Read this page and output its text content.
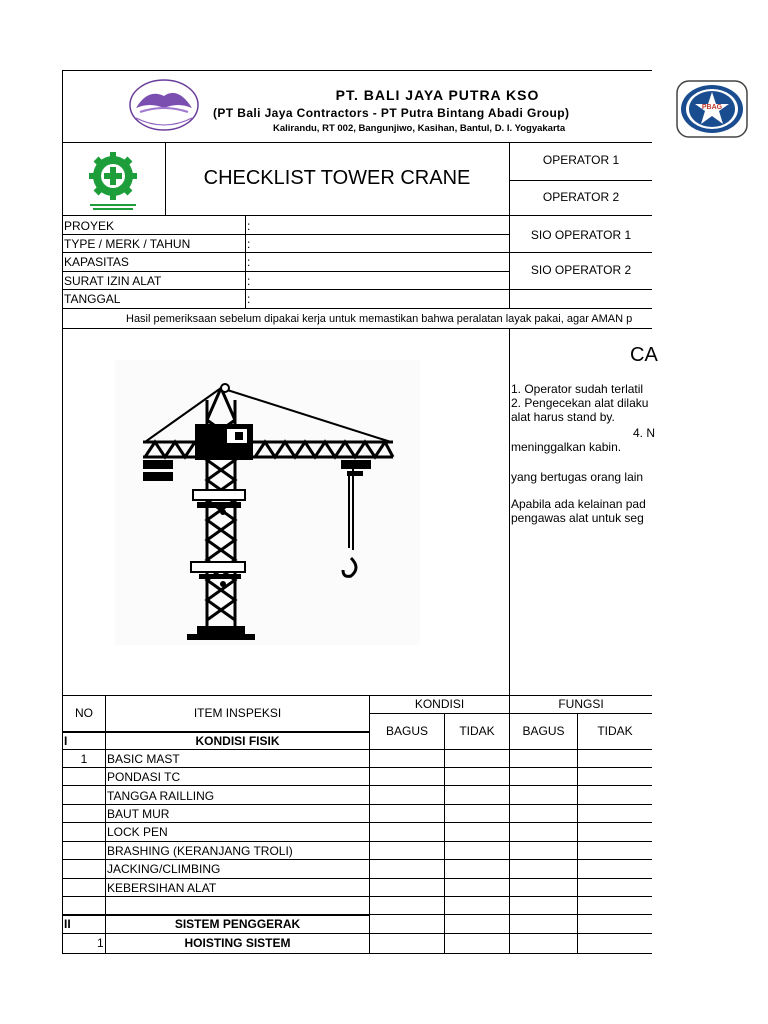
PT. BALI JAYA PUTRA KSO
(PT Bali Jaya Contractors - PT Putra Bintang Abadi Group)
Kalirandu, RT 002, Bangunjiwo, Kasihan, Bantul, D. I. Yogyakarta
PBAG
CHECKLIST TOWER CRANE
OPERATOR 1
OPERATOR 2
SIO OPERATOR 1
SIO OPERATOR 2
PROYEK	:
TYPE / MERK / TAHUN	:
KAPASITAS	:
SURAT IZIN ALAT	:
TANGGAL	:
Hasil pemeriksaan sebelum dipakai kerja untuk memastikan bahwa peralatan layak pakai, agar AMAN p
CA
1. Operator sudah terlatil
2. Pengecekan alat dilaku
alat harus stand by.
4. N
meninggalkan kabin.
yang bertugas orang lain
Apabila ada kelainan pad
pengawas alat untuk seg
NO	ITEM INSPEKSI
KONDISI	FUNGSI
BAGUS	TIDAK	BAGUS	TIDAK
I	KONDISI FISIK
1	BASIC MAST
PONDASI TC
TANGGA RAILLING
BAUT MUR
LOCK PEN
BRASHING (KERANJANG TROLI)
JACKING/CLIMBING
KEBERSIHAN ALAT
II	SISTEM PENGGERAK
1	HOISTING SISTEM
